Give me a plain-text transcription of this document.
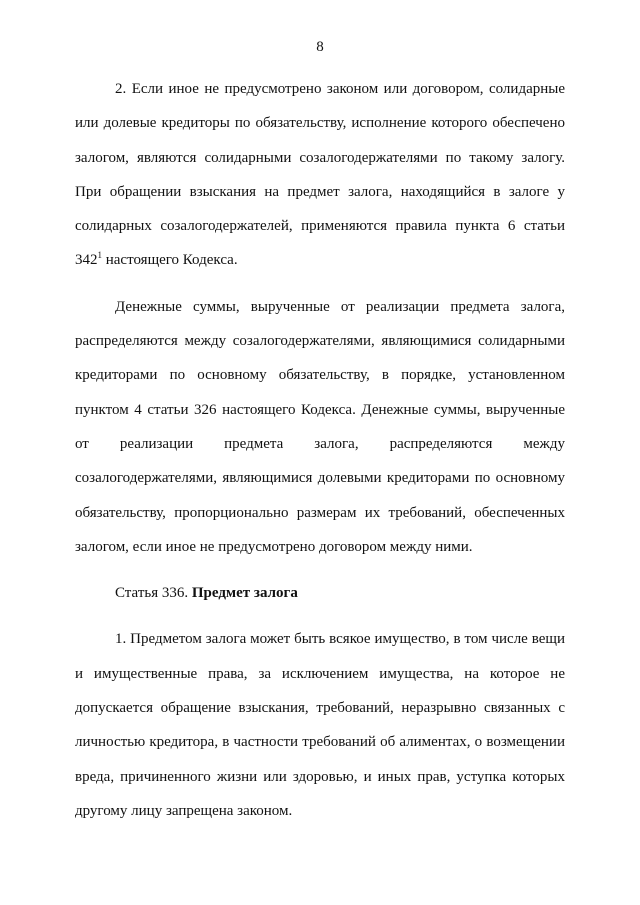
8

2. Если иное не предусмотрено законом или договором, солидарные или долевые кредиторы по обязательству, исполнение которого обеспечено залогом, являются солидарными созалогодержателями по такому залогу. При обращении взыскания на предмет залога, находящийся в залоге у солидарных созалогодержателей, применяются правила пункта 6 статьи $342^1$ настоящего Кодекса.

Денежные суммы, вырученные от реализации предмета залога, распределяются между созалогодержателями, являющимися солидарными кредиторами по основному обязательству, в порядке, установленном пунктом 4 статьи 326 настоящего Кодекса. Денежные суммы, вырученные от реализации предмета залога, распределяются между созалогодержателями, являющимися долевыми кредиторами по основному обязательству, пропорционально размерам их требований, обеспеченных залогом, если иное не предусмотрено договором между ними.

Статья 336. Предмет залога

1. Предметом залога может быть всякое имущество, в том числе вещи и имущественные права, за исключением имущества, на которое не допускается обращение взыскания, требований, неразрывно связанных с личностью кредитора, в частности требований об алиментах, о возмещении вреда, причиненного жизни или здоровью, и иных прав, уступка которых другому лицу запрещена законом.
